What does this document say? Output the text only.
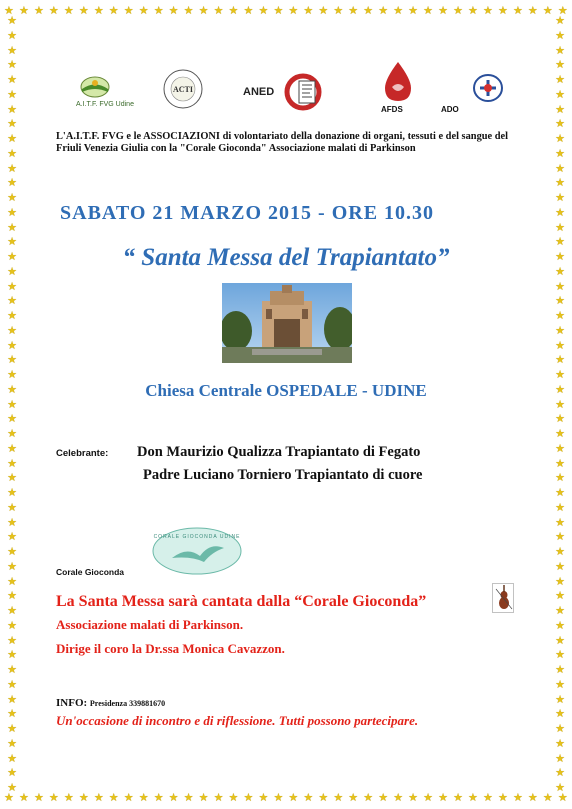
★ ★ ★ ★ ★ ★ ★ ★ ★ ★ ★ ★ ★ ★ ★ ★ ★ ★ ★ ★ ★ ★ ★ ★ ★ ★ ★ ★ ★ ★ ★ ★ ★ ★ ★ ★ ★ ★
★ ★ ★ ★ ★ ★ ★ ★ ★ ★ ★ ★ ★ ★ ★ ★ ★ ★ ★ ★ ★ ★ ★ ★ ★ ★ ★ ★ ★ ★ ★ ★ ★ ★ ★ ★ ★ ★
★
★
★
★
★
★
★
★
★
★
★
★
★
★
★
★
★
★
★
★
★
★
★
★
★
★
★
★
★
★
★
★
★
★
★
★
★
★
★
★
★
★
★
★
★
★
★
★
★
★
★
★
★
★
★
★
★
★
★
★
★
★
★
★
★
★
★
★
★
★
★
★
★
★
★
★
★
★
★
★
★
★
★
★
★
★
★
★
★
★
★
★
★
★
★
★
★
★
★
★
★
★
★
★
★
★
A.I.T.F. FVG Udine
ACTI	ANED
AFDS	ADO
L'A.I.T.F. FVG e le ASSOCIAZIONI di volontariato della donazione di organi, tessuti e del sangue del Friuli Venezia Giulia con la "Corale Gioconda" Associazione malati di Parkinson
SABATO 21 MARZO 2015 - ORE 10.30
“ Santa Messa del Trapiantato”
Chiesa Centrale OSPEDALE - UDINE
Celebrante: Don Maurizio Qualizza Trapiantato di Fegato
Padre Luciano Torniero Trapiantato di cuore
CORALE GIOCONDA UDINE
Corale Gioconda
La Santa Messa sarà cantata dalla “Corale Gioconda”
Associazione malati di Parkinson.
Dirige il coro la Dr.ssa Monica Cavazzon.
INFO: Presidenza 3398​81670
Un'occasione di incontro e di riflessione. Tutti possono partecipare.
